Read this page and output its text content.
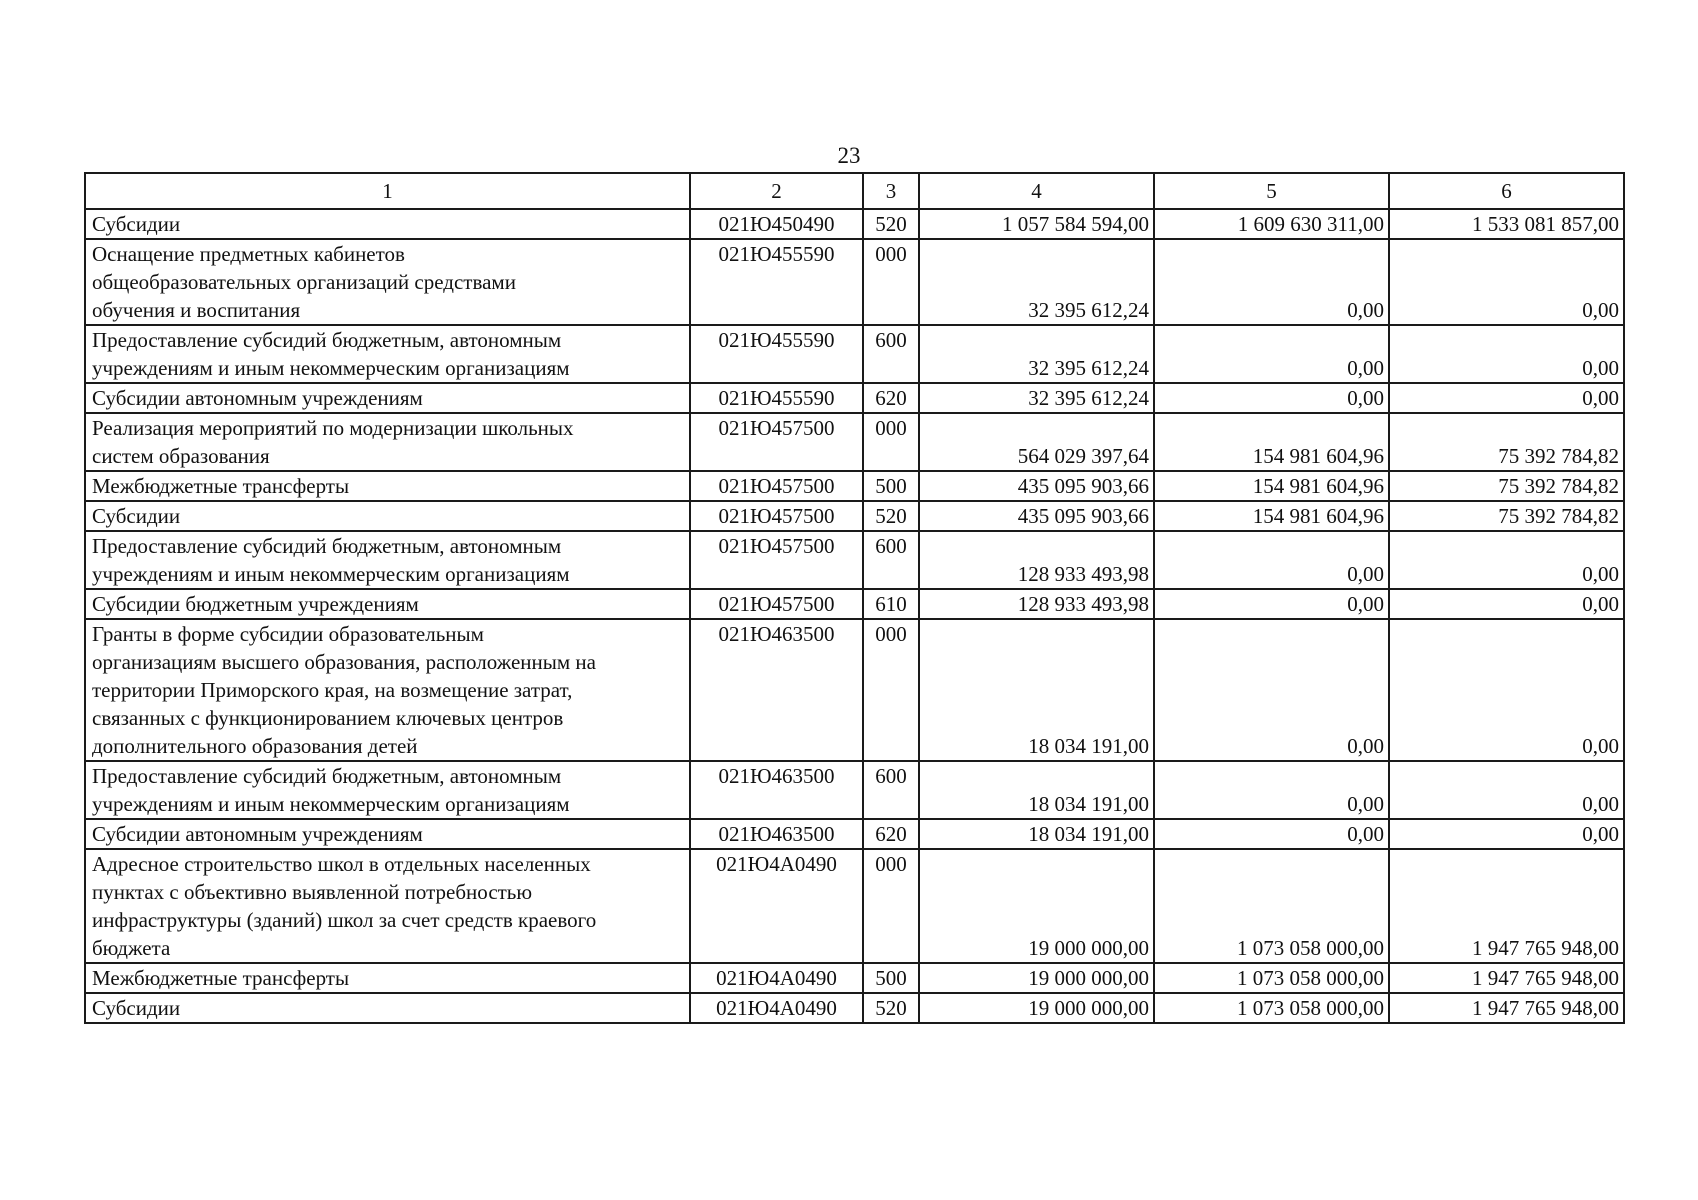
23
1	2	3	4	5	6
Субсидии	021Ю450490	520	1 057 584 594,00	1 609 630 311,00	1 533 081 857,00
Оснащение предметных кабинетов
общеобразовательных организаций средствами
обучения и воспитания	021Ю455590	000	32 395 612,24	0,00	0,00
Предоставление субсидий бюджетным, автономным
учреждениям и иным некоммерческим организациям	021Ю455590	600	32 395 612,24	0,00	0,00
Субсидии автономным учреждениям	021Ю455590	620	32 395 612,24	0,00	0,00
Реализация мероприятий по модернизации школьных
систем образования	021Ю457500	000	564 029 397,64	154 981 604,96	75 392 784,82
Межбюджетные трансферты	021Ю457500	500	435 095 903,66	154 981 604,96	75 392 784,82
Субсидии	021Ю457500	520	435 095 903,66	154 981 604,96	75 392 784,82
Предоставление субсидий бюджетным, автономным
учреждениям и иным некоммерческим организациям	021Ю457500	600	128 933 493,98	0,00	0,00
Субсидии бюджетным учреждениям	021Ю457500	610	128 933 493,98	0,00	0,00
Гранты в форме субсидии образовательным
организациям высшего образования, расположенным на
территории Приморского края, на возмещение затрат,
связанных с функционированием ключевых центров
дополнительного образования детей	021Ю463500	000	18 034 191,00	0,00	0,00
Предоставление субсидий бюджетным, автономным
учреждениям и иным некоммерческим организациям	021Ю463500	600	18 034 191,00	0,00	0,00
Субсидии автономным учреждениям	021Ю463500	620	18 034 191,00	0,00	0,00
Адресное строительство школ в отдельных населенных
пунктах с объективно выявленной потребностью
инфраструктуры (зданий) школ за счет средств краевого
бюджета	021Ю4А0490	000	19 000 000,00	1 073 058 000,00	1 947 765 948,00
Межбюджетные трансферты	021Ю4А0490	500	19 000 000,00	1 073 058 000,00	1 947 765 948,00
Субсидии	021Ю4А0490	520	19 000 000,00	1 073 058 000,00	1 947 765 948,00
